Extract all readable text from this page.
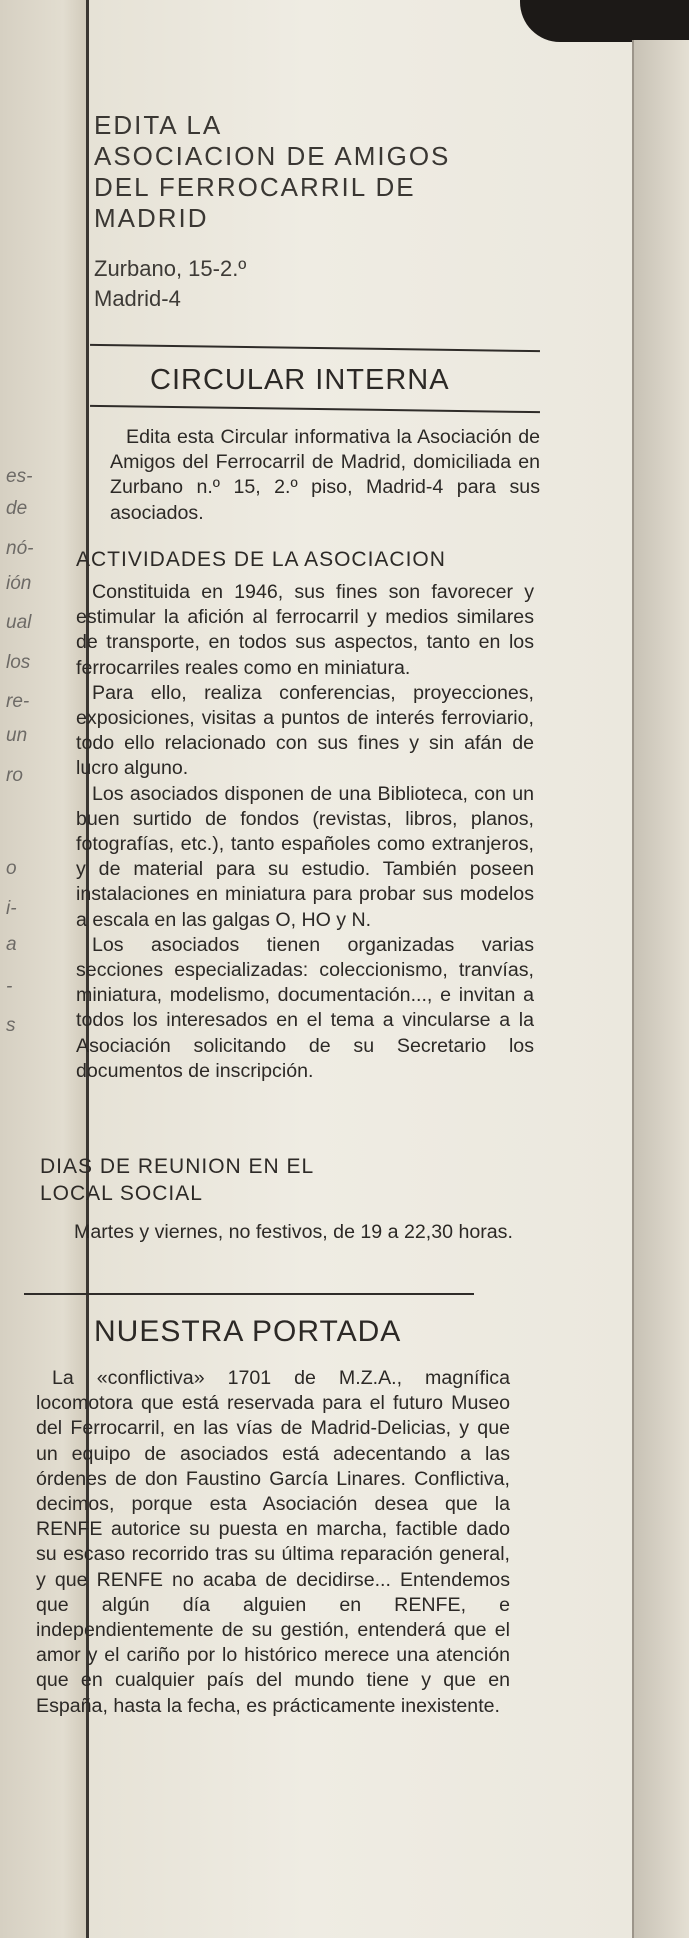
es-
de
nó-
ión
ual
los
re-
un
ro
o
i-
a
-
s
EDITA LA
ASOCIACION DE AMIGOS
DEL FERROCARRIL DE
MADRID
Zurbano, 15-2.º
Madrid-4
CIRCULAR INTERNA

Edita esta Circular informativa la Asociación de Amigos del Ferrocarril de Madrid, domiciliada en Zurbano n.º 15, 2.º piso, Madrid-4 para sus asociados.

ACTIVIDADES DE LA ASOCIACION

Constituida en 1946, sus fines son favorecer y estimular la afición al ferrocarril y medios similares de transporte, en todos sus aspectos, tanto en los ferrocarriles reales como en miniatura.

Para ello, realiza conferencias, proyecciones, exposiciones, visitas a puntos de interés ferroviario, todo ello relacionado con sus fines y sin afán de lucro alguno.

Los asociados disponen de una Biblioteca, con un buen surtido de fondos (revistas, libros, planos, fotografías, etc.), tanto españoles como extranjeros, y de material para su estudio. También poseen instalaciones en miniatura para probar sus modelos a escala en las galgas O, HO y N.

Los asociados tienen organizadas varias secciones especializadas: coleccionismo, tranvías, miniatura, modelismo, documentación..., e invitan a todos los interesados en el tema a vincularse a la Asociación solicitando de su Secretario los documentos de inscripción.

DIAS DE REUNION EN EL
LOCAL SOCIAL

Martes y viernes, no festivos, de 19 a 22,30 horas.

NUESTRA PORTADA

La «conflictiva» 1701 de M.Z.A., magnífica locomotora que está reservada para el futuro Museo del Ferrocarril, en las vías de Madrid-Delicias, y que un equipo de asociados está adecentando a las órdenes de don Faustino García Linares. Conflictiva, decimos, porque esta Asociación desea que la RENFE autorice su puesta en marcha, factible dado su escaso recorrido tras su última reparación general, y que RENFE no acaba de decidirse... Entendemos que algún día alguien en RENFE, e independientemente de su gestión, entenderá que el amor y el cariño por lo histórico merece una atención que en cualquier país del mundo tiene y que en España, hasta la fecha, es prácticamente inexistente.
